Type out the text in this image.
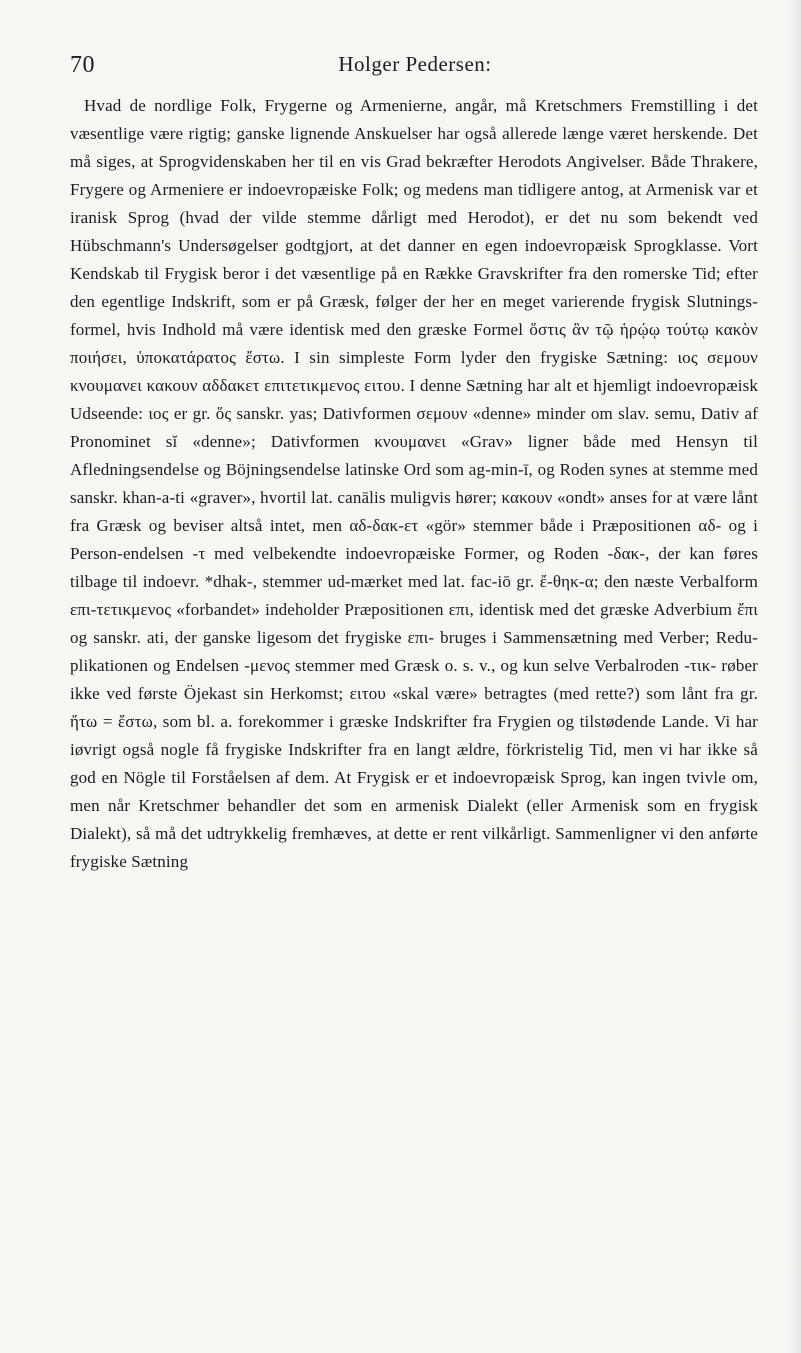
70	Holger Pedersen:

Hvad de nordlige Folk, Frygerne og Armenierne, angår, må Kretschmers Fremstilling i det væsentlige være rigtig; ganske lignende Anskuelser har også allerede længe været herskende. Det må siges, at Sprogvidenskaben her til en vis Grad bekræfter Herodots Angivelser. Både Thrakere, Frygere og Armeniere er indoevropæiske Folk; og medens man tidligere antog, at Armenisk var et iranisk Sprog (hvad der vilde stemme dårligt med Herodot), er det nu som bekendt ved Hübschmann's Undersøgelser godtgjort, at det danner en egen indoevropæisk Sprogklasse. Vort Kendskab til Frygisk beror i det væsentlige på en Række Gravskrifter fra den romerske Tid; efter den egentlige Indskrift, som er på Græsk, følger der her en meget varierende frygisk Slutnings-formel, hvis Indhold må være identisk med den græske Formel ὅστις ἂν τῷ ἡρῴῳ τούτῳ κακὸν ποιήσει, ὑποκατάρατος ἔστω. I sin simpleste Form lyder den frygiske Sætning: ιος σεμουν κνουμανει κακουν αδδακετ επιτετικμενος ειτου. I denne Sætning har alt et hjemligt indoevropæisk Udseende: ιος er gr. ὅς sanskr. yas; Dativformen σεμουν «denne» minder om slav. semu, Dativ af Pronominet sĭ «denne»; Dativformen κνουμανει «Grav» ligner både med Hensyn til Afledningsendelse og Böjningsendelse latinske Ord som ag-min-ī, og Roden synes at stemme med sanskr. khan-a-ti «graver», hvortil lat. canālis muligvis hører; κακουν «ondt» anses for at være lånt fra Græsk og beviser altså intet, men αδ-δακ-ετ «gör» stemmer både i Præpositionen αδ- og i Person-endelsen -τ med velbekendte indoevropæiske Former, og Roden -δακ-, der kan føres tilbage til indoevr. *dhak-, stemmer ud-mærket med lat. fac-iō gr. ἔ-θηκ-α; den næste Verbalform επι-τετικμενος «forbandet» indeholder Præpositionen επι, identisk med det græske Adverbium ἔπι og sanskr. ati, der ganske ligesom det frygiske επι- bruges i Sammensætning med Verber; Redu-plikationen og Endelsen -μενος stemmer med Græsk o. s. v., og kun selve Verbalroden -τικ- røber ikke ved første Öjekast sin Herkomst; ειτου «skal være» betragtes (med rette?) som lånt fra gr. ἤτω = ἔστω, som bl. a. forekommer i græske Indskrifter fra Frygien og tilstødende Lande. Vi har iøvrigt også nogle få frygiske Indskrifter fra en langt ældre, förkristelig Tid, men vi har ikke så god en Nögle til Forståelsen af dem. At Frygisk er et indoevropæisk Sprog, kan ingen tvivle om, men når Kretschmer behandler det som en armenisk Dialekt (eller Armenisk som en frygisk Dialekt), så må det udtrykkelig fremhæves, at dette er rent vilkårligt. Sammenligner vi den anførte frygiske Sætning
